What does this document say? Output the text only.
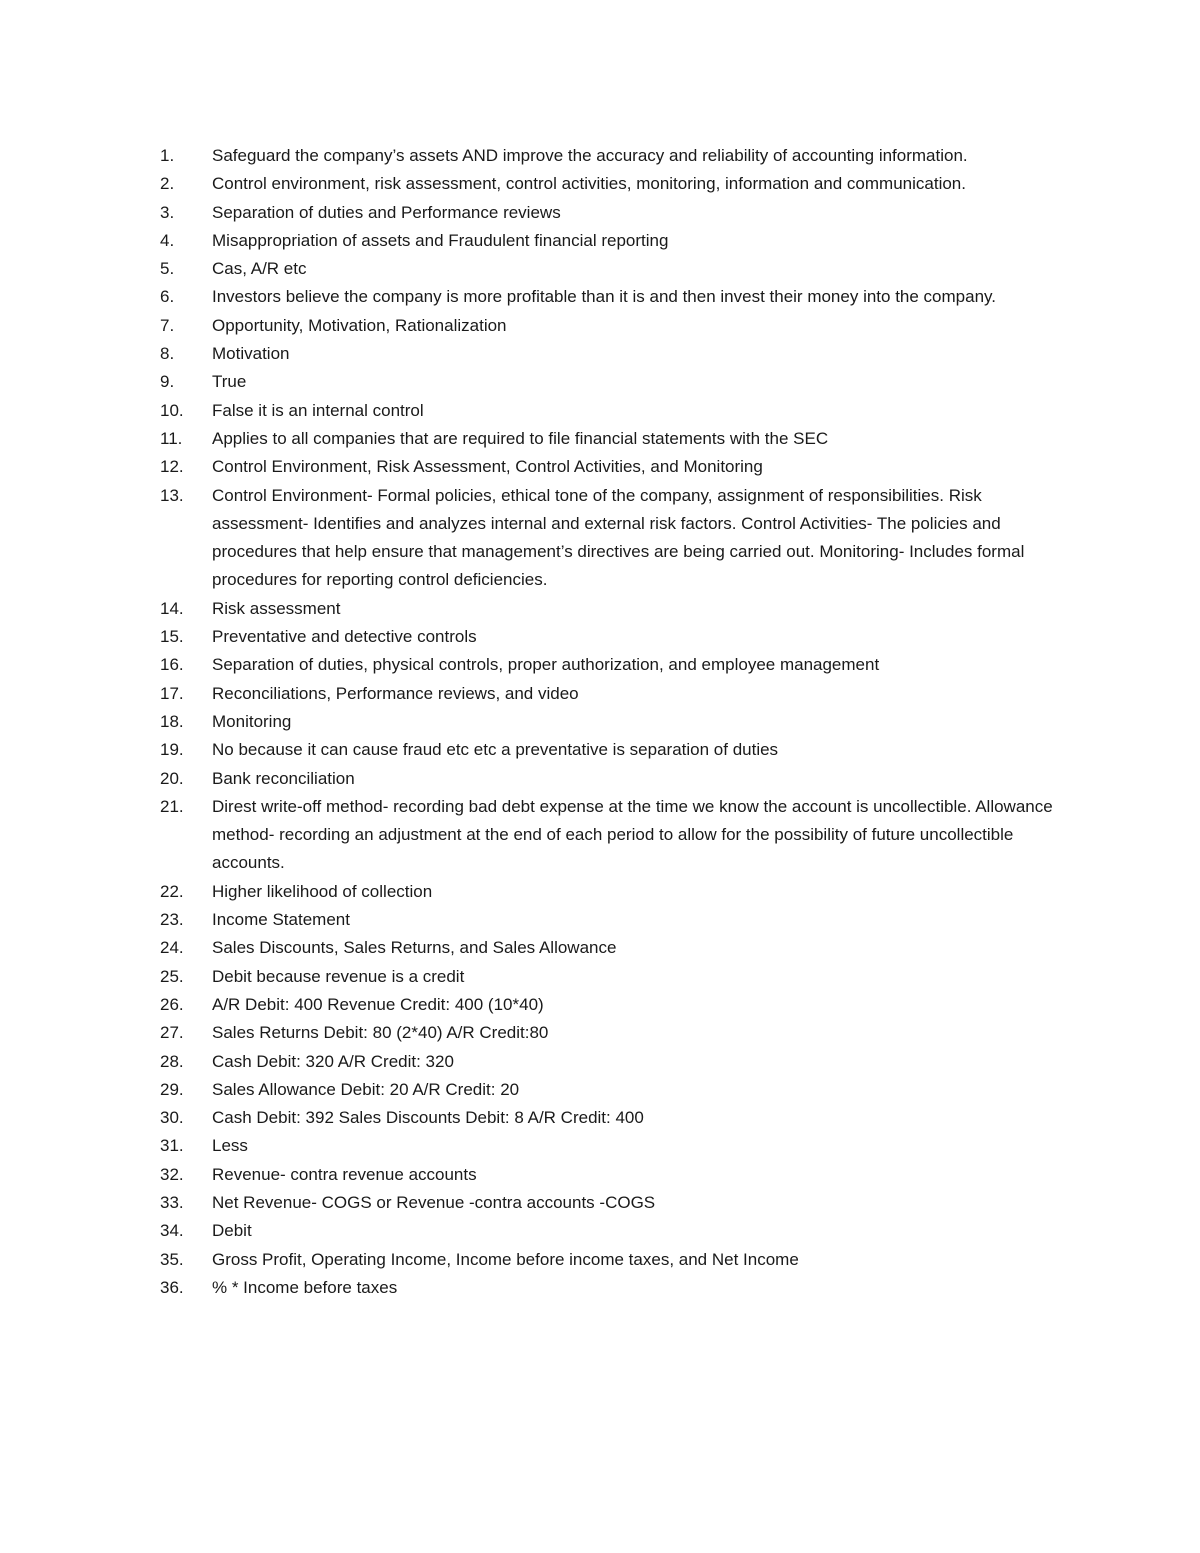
1.	Safeguard the company’s assets AND improve the accuracy and reliability of accounting information.
2.	Control environment, risk assessment, control activities, monitoring, information and communication.
3.	Separation of duties and Performance reviews
4.	Misappropriation of assets and Fraudulent financial reporting
5.	Cas, A/R etc
6.	Investors believe the company is more profitable than it is and then invest their money into the company.
7.	Opportunity, Motivation, Rationalization
8.	Motivation
9.	True
10.	False it is an internal control
11.	Applies to all companies that are required to file financial statements with the SEC
12.	Control Environment, Risk Assessment, Control Activities, and Monitoring
13.	Control Environment- Formal policies, ethical tone of the company, assignment of responsibilities. Risk assessment- Identifies and analyzes internal and external risk factors. Control Activities- The policies and procedures that help ensure that management’s directives are being carried out. Monitoring- Includes formal procedures for reporting control deficiencies.
14.	Risk assessment
15.	Preventative and detective controls
16.	Separation of duties, physical controls, proper authorization, and employee management
17.	Reconciliations, Performance reviews, and video
18.	Monitoring
19.	No because it can cause fraud etc etc a preventative is separation of duties
20.	Bank reconciliation
21.	Direst write-off method- recording bad debt expense at the time we know the account is uncollectible. Allowance method- recording an adjustment at the end of each period to allow for the possibility of future uncollectible accounts.
22.	Higher likelihood of collection
23.	Income Statement
24.	Sales Discounts, Sales Returns, and Sales Allowance
25.	Debit because revenue is a credit
26.	A/R Debit: 400 Revenue Credit: 400 (10*40)
27.	Sales Returns Debit: 80 (2*40) A/R Credit:80
28.	Cash Debit: 320 A/R Credit: 320
29.	Sales Allowance Debit: 20 A/R Credit: 20
30.	Cash Debit: 392 Sales Discounts Debit: 8 A/R Credit: 400
31.	Less
32.	Revenue- contra revenue accounts
33.	Net Revenue- COGS or Revenue -contra accounts -COGS
34.	Debit
35.	Gross Profit, Operating Income, Income before income taxes, and Net Income
36.	% * Income before taxes
